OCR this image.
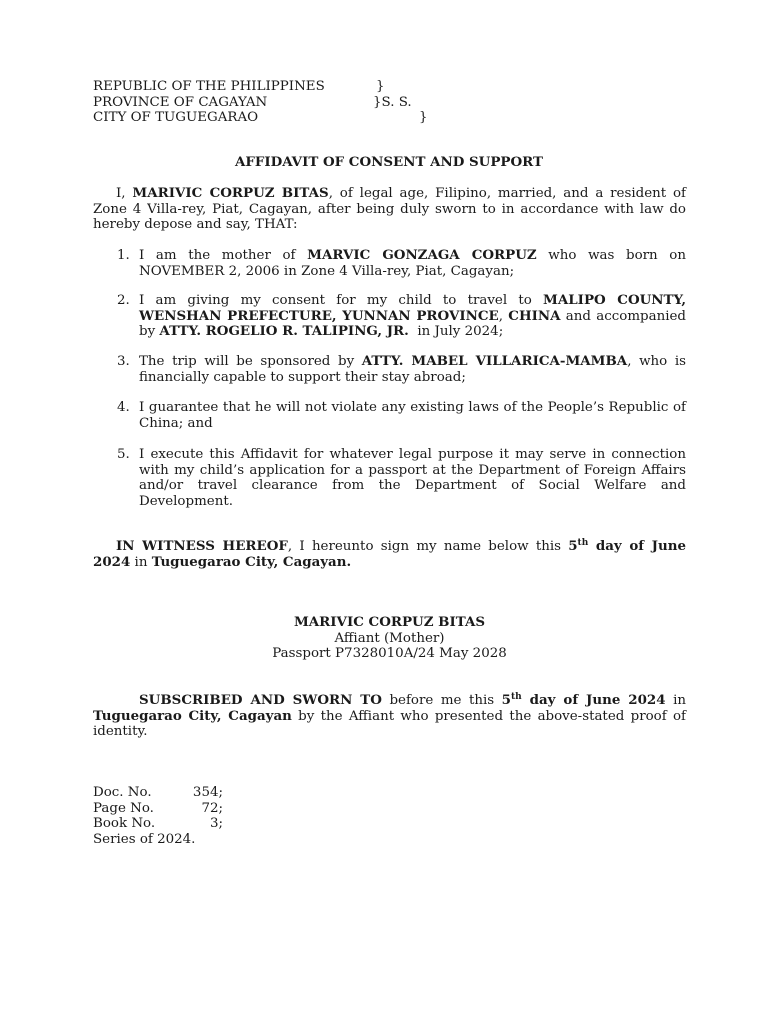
REPUBLIC OF THE PHILIPPINES	}
PROVINCE OF CAGAYAN	}S. S.
CITY OF TUGUEGARAO	}
AFFIDAVIT OF CONSENT AND SUPPORT

I, MARIVIC CORPUZ BITAS, of legal age, Filipino, married, and a resident of Zone 4 Villa-rey, Piat, Cagayan, after being duly sworn to in accordance with law do hereby depose and say, THAT:

1. I am the mother of MARVIC GONZAGA CORPUZ who was born on NOVEMBER 2, 2006 in Zone 4 Villa-rey, Piat, Cagayan;
2. I am giving my consent for my child to travel to MALIPO COUNTY, WENSHAN PREFECTURE, YUNNAN PROVINCE, CHINA and accompanied by ATTY. ROGELIO R. TALIPING, JR.  in July 2024;
3. The trip will be sponsored by ATTY. MABEL VILLARICA-MAMBA, who is financially capable to support their stay abroad;
4. I guarantee that he will not violate any existing laws of the People’s Republic of China; and
5. I execute this Affidavit for whatever legal purpose it may serve in connection with my child’s application for a passport at the Department of Foreign Affairs and/or travel clearance from the Department of Social Welfare and Development.

IN WITNESS HEREOF, I hereunto sign my name below this 5th day of June 2024 in Tuguegarao City, Cagayan.

MARIVIC CORPUZ BITAS
Affiant (Mother)
Passport P7328010A/24 May 2028

SUBSCRIBED AND SWORN TO before me this 5th day of June 2024 in Tuguegarao City, Cagayan by the Affiant who presented the above-stated proof of identity.

Doc. No.	354;
Page No.	72;
Book No.	3;
Series of 2024.
